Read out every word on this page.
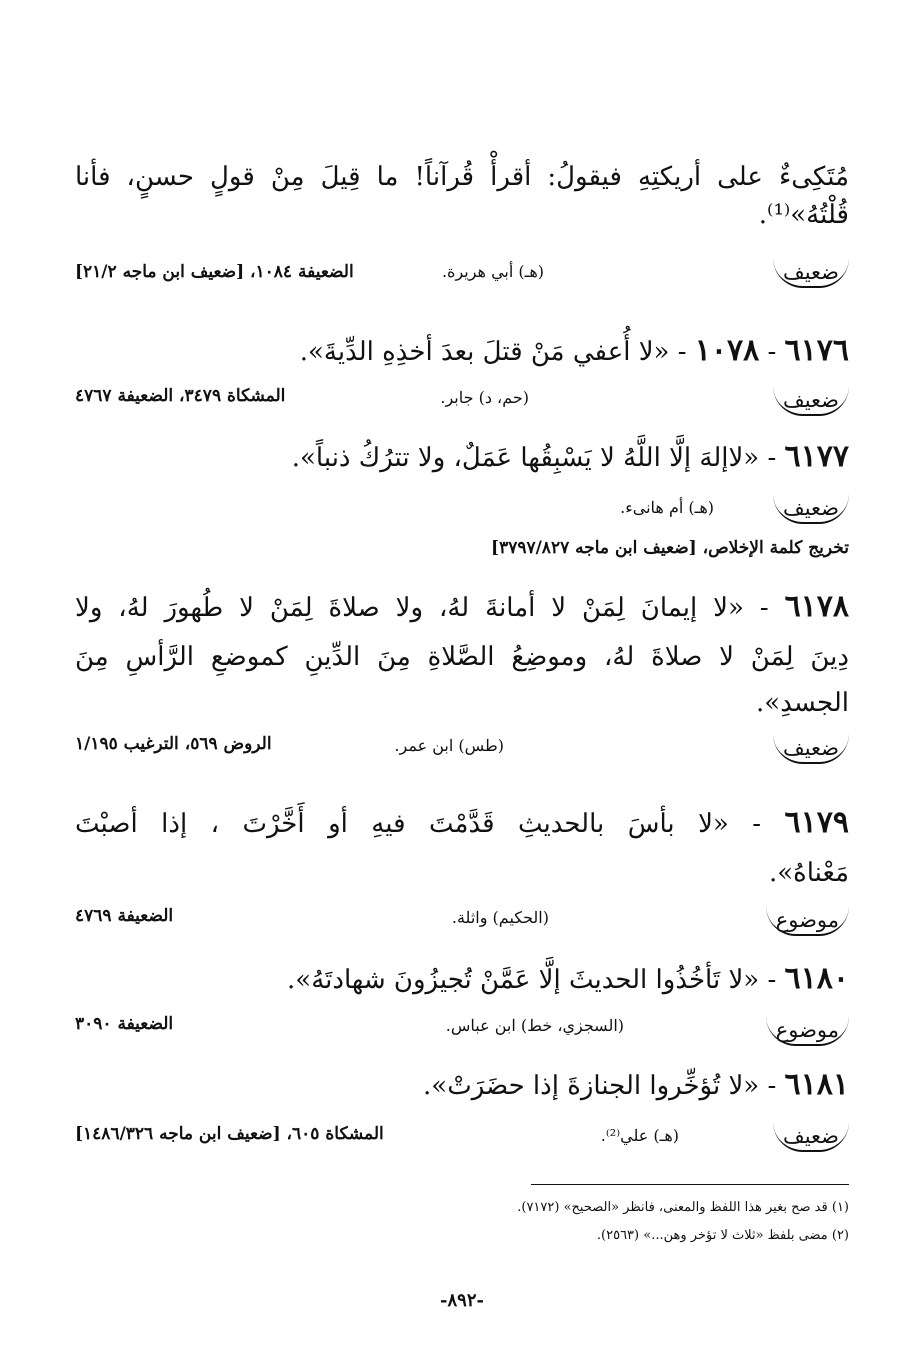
مُتَكِىءٌ على أريكتِهِ فيقولُ: أقرأْ قُرآناً! ما قِيلَ مِنْ قولٍ حسنٍ، فأنا
قُلْتُهُ»⁽¹⁾.
ضعيف
(هـ) أبي هريرة.
الضعيفة ١٠٨٤، [ضعيف ابن ماجه ٢١/٢]
٦١٧٦ - ١٠٧٨ - «لا أُعفي مَنْ قتلَ بعدَ أخذِهِ الدِّيةَ».
ضعيف
(حم، د) جابر.
المشكاة ٣٤٧٩، الضعيفة ٤٧٦٧
٦١٧٧ - «لاإلهَ إلَّا اللَّهُ لا يَسْبِقُها عَمَلٌ، ولا تترُكُ ذنباً».
ضعيف
(هـ) أم هانىء.
تخريج كلمة الإخلاص، [ضعيف ابن ماجه ٣٧٩٧/٨٢٧]
٦١٧٨ - «لا إيمانَ لِمَنْ لا أمانةَ لهُ، ولا صلاةَ لِمَنْ لا طُهورَ لهُ، ولا
دِينَ لِمَنْ لا صلاةَ لهُ، وموضِعُ الصَّلاةِ مِنَ الدِّينِ كموضعِ الرَّأسِ مِنَ
الجسدِ».
ضعيف
(طس) ابن عمر.
الروض ٥٦٩، الترغيب ١/١٩٥
٦١٧٩ - «لا بأسَ بالحديثِ قَدَّمْتَ فيهِ أو أَخَّرْتَ ، إذا أصبْتَ
مَعْناهُ».
موضوع
(الحكيم) واثلة.
الضعيفة ٤٧٦٩
٦١٨٠ - «لا تَأخُذُوا الحديثَ إلَّا عَمَّنْ تُجيزُونَ شهادتَهُ».
موضوع
(السجزي، خط) ابن عباس.
الضعيفة ٣٠٩٠
٦١٨١ - «لا تُؤخِّروا الجنازةَ إذا حضَرَتْ».
ضعيف
(هـ) علي⁽²⁾.
المشكاة ٦٠٥، [ضعيف ابن ماجه ١٤٨٦/٣٢٦]
(١) قد صح بغير هذا اللفظ والمعنى، فانظر «الصحيح» (٧١٧٢).
(٢) مضى بلفظ «ثلاث لا تؤخر وهن...» (٢٥٦٣).
-٨٩٢-
